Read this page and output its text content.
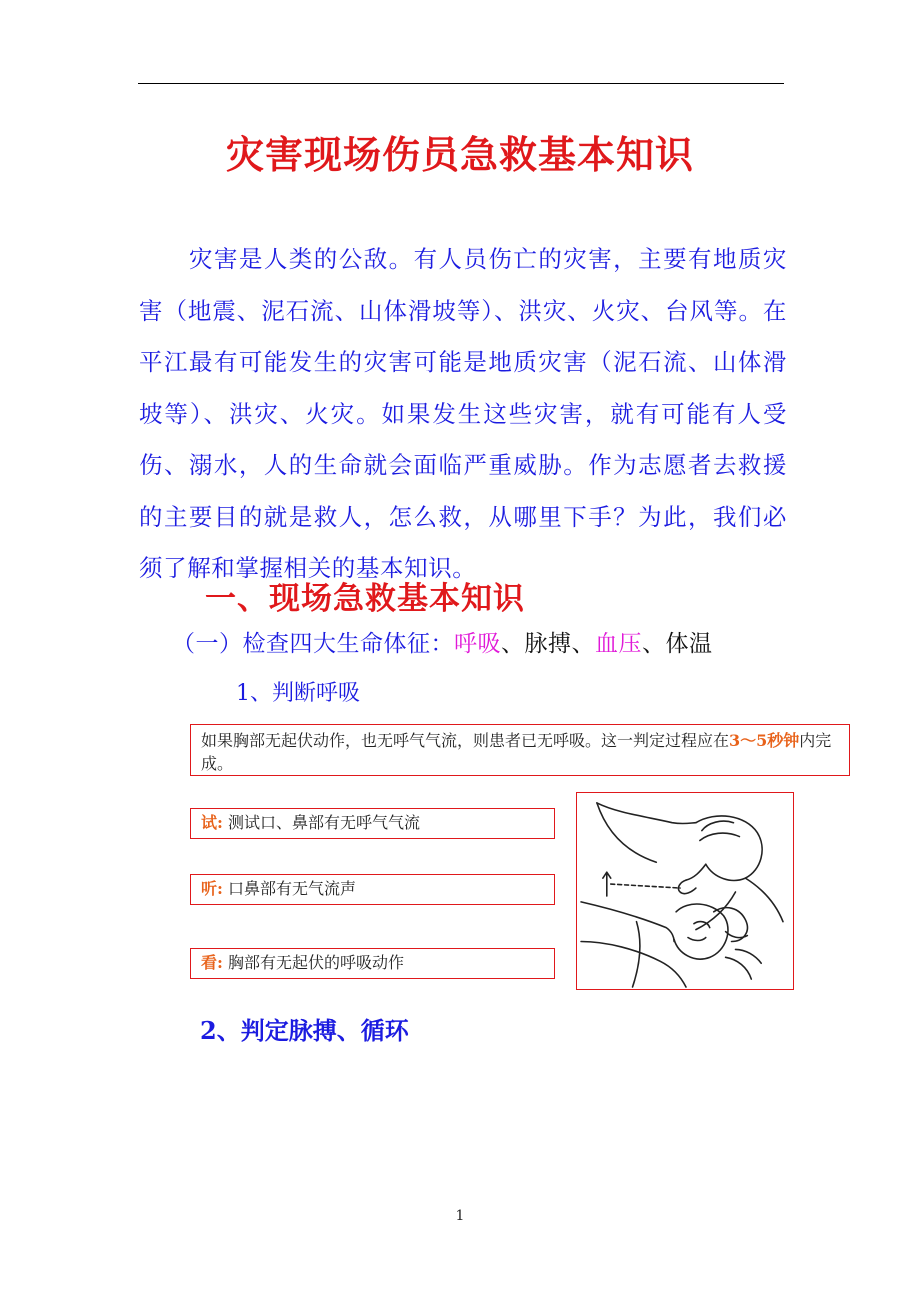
灾害现场伤员急救基本知识

灾害是人类的公敌。有人员伤亡的灾害，主要有地质灾害（地震、泥石流、山体滑坡等）、洪灾、火灾、台风等。在平江最有可能发生的灾害可能是地质灾害（泥石流、山体滑坡等）、洪灾、火灾。如果发生这些灾害，就有可能有人受伤、溺水，人的生命就会面临严重威胁。作为志愿者去救援的主要目的就是救人，怎么救，从哪里下手？为此，我们必须了解和掌握相关的基本知识。

一、现场急救基本知识
（一）检查四大生命体征：呼吸、脉搏、血压、体温
1、判断呼吸
如果胸部无起伏动作，也无呼气气流，则患者已无呼吸。这一判定过程应在3～5秒钟内完成。
试: 测试口、鼻部有无呼气气流
听: 口鼻部有无气流声
看: 胸部有无起伏的呼吸动作
2、判定脉搏、循环
1
